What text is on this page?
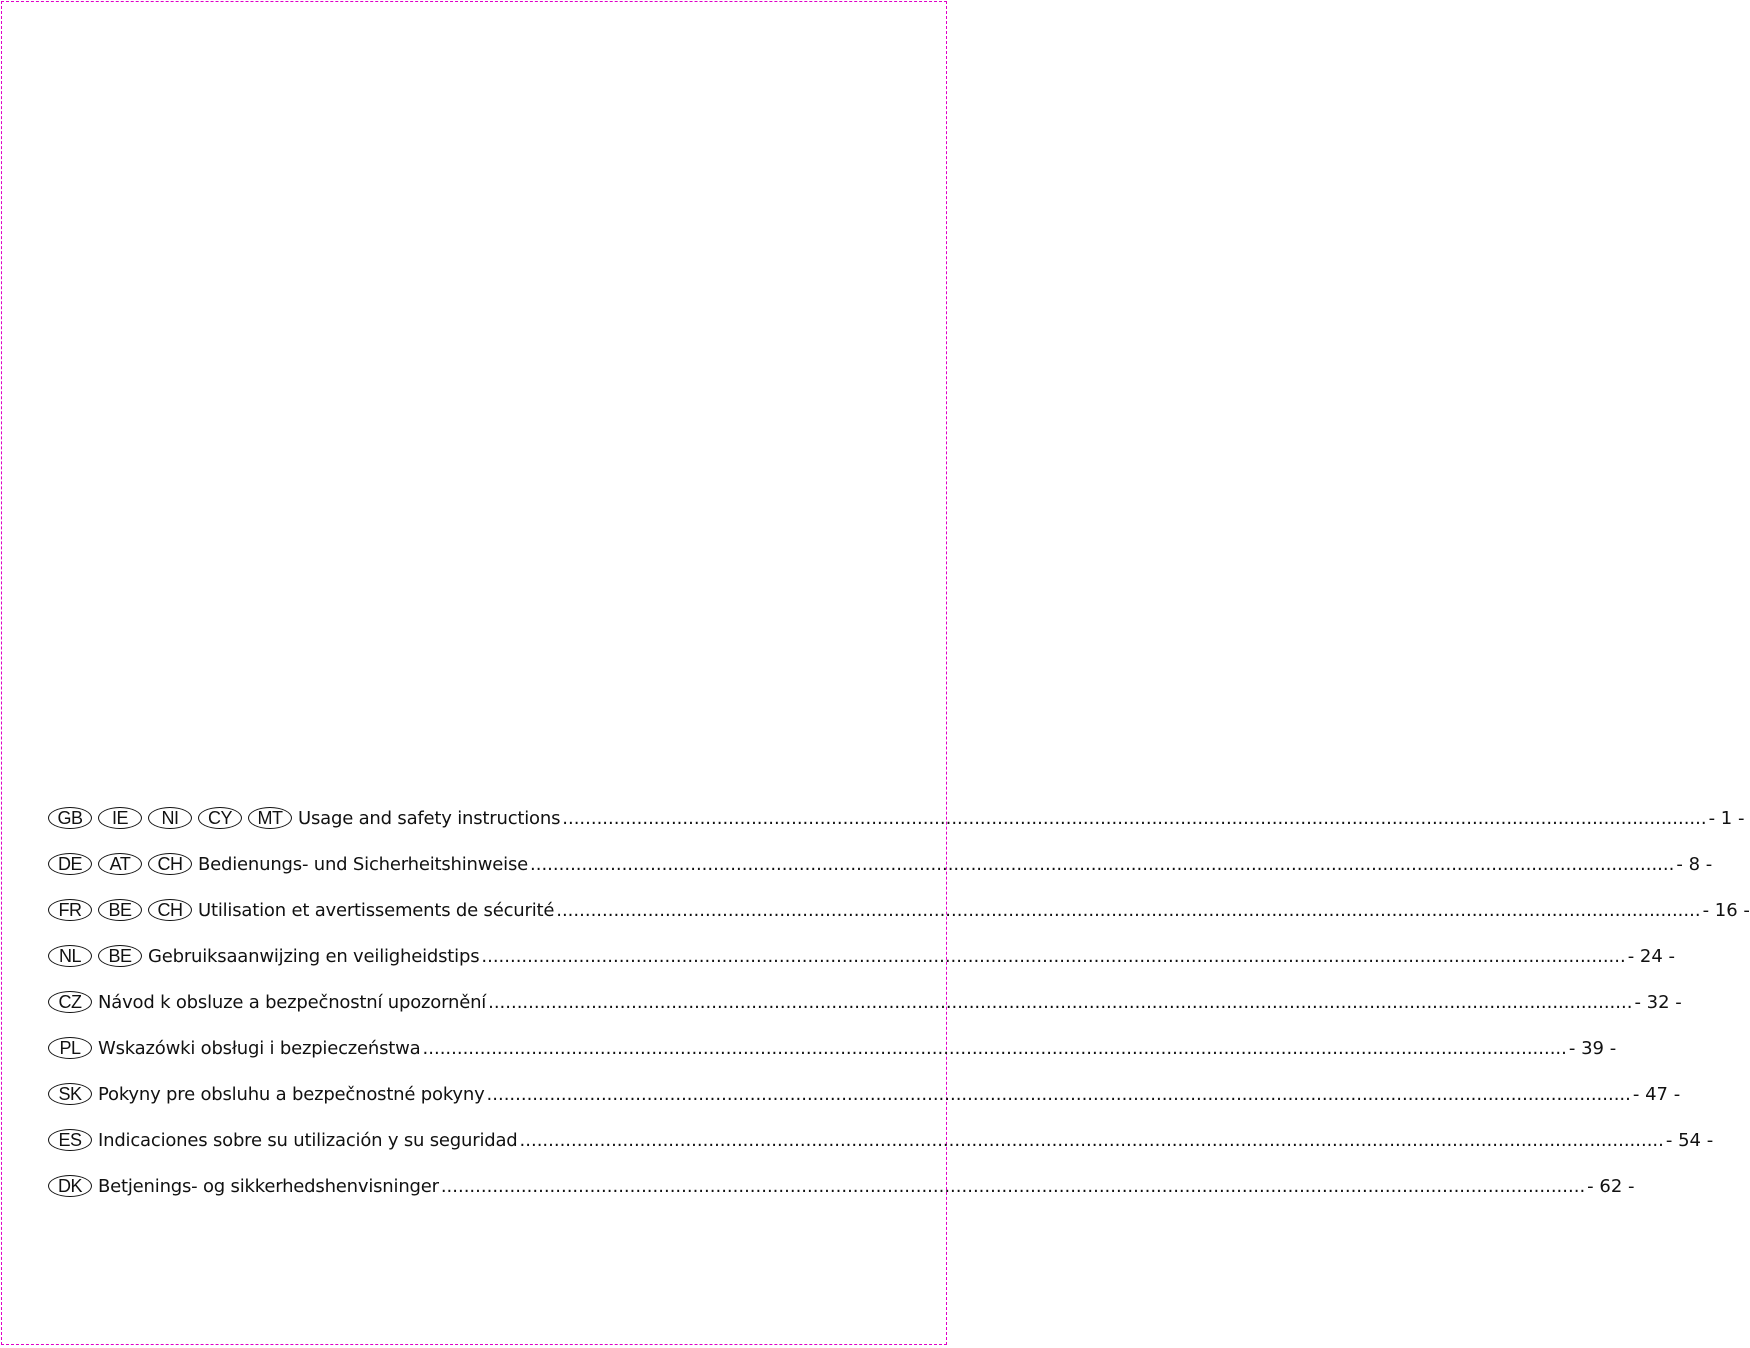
GB	IE	NI	CY	MT Usage and safety instructions ........................................................................................................................................................................................................ - 1 -
DE	AT	CH Bedienungs- und Sicherheitshinweise ........................................................................................................................................................................................................ - 8 -
FR	BE	CH Utilisation et avertissements de sécurité ........................................................................................................................................................................................................ - 16 -
NL	BE Gebruiksaanwijzing en veiligheidstips ........................................................................................................................................................................................................ - 24 -
CZ Návod k obsluze a bezpečnostní upozornění ........................................................................................................................................................................................................ - 32 -
PL Wskazówki obsługi i bezpieczeństwa ........................................................................................................................................................................................................ - 39 -
SK Pokyny pre obsluhu a bezpečnostné pokyny ........................................................................................................................................................................................................ - 47 -
ES Indicaciones sobre su utilización y su seguridad ........................................................................................................................................................................................................ - 54 -
DK Betjenings- og sikkerhedshenvisninger ........................................................................................................................................................................................................ - 62 -
